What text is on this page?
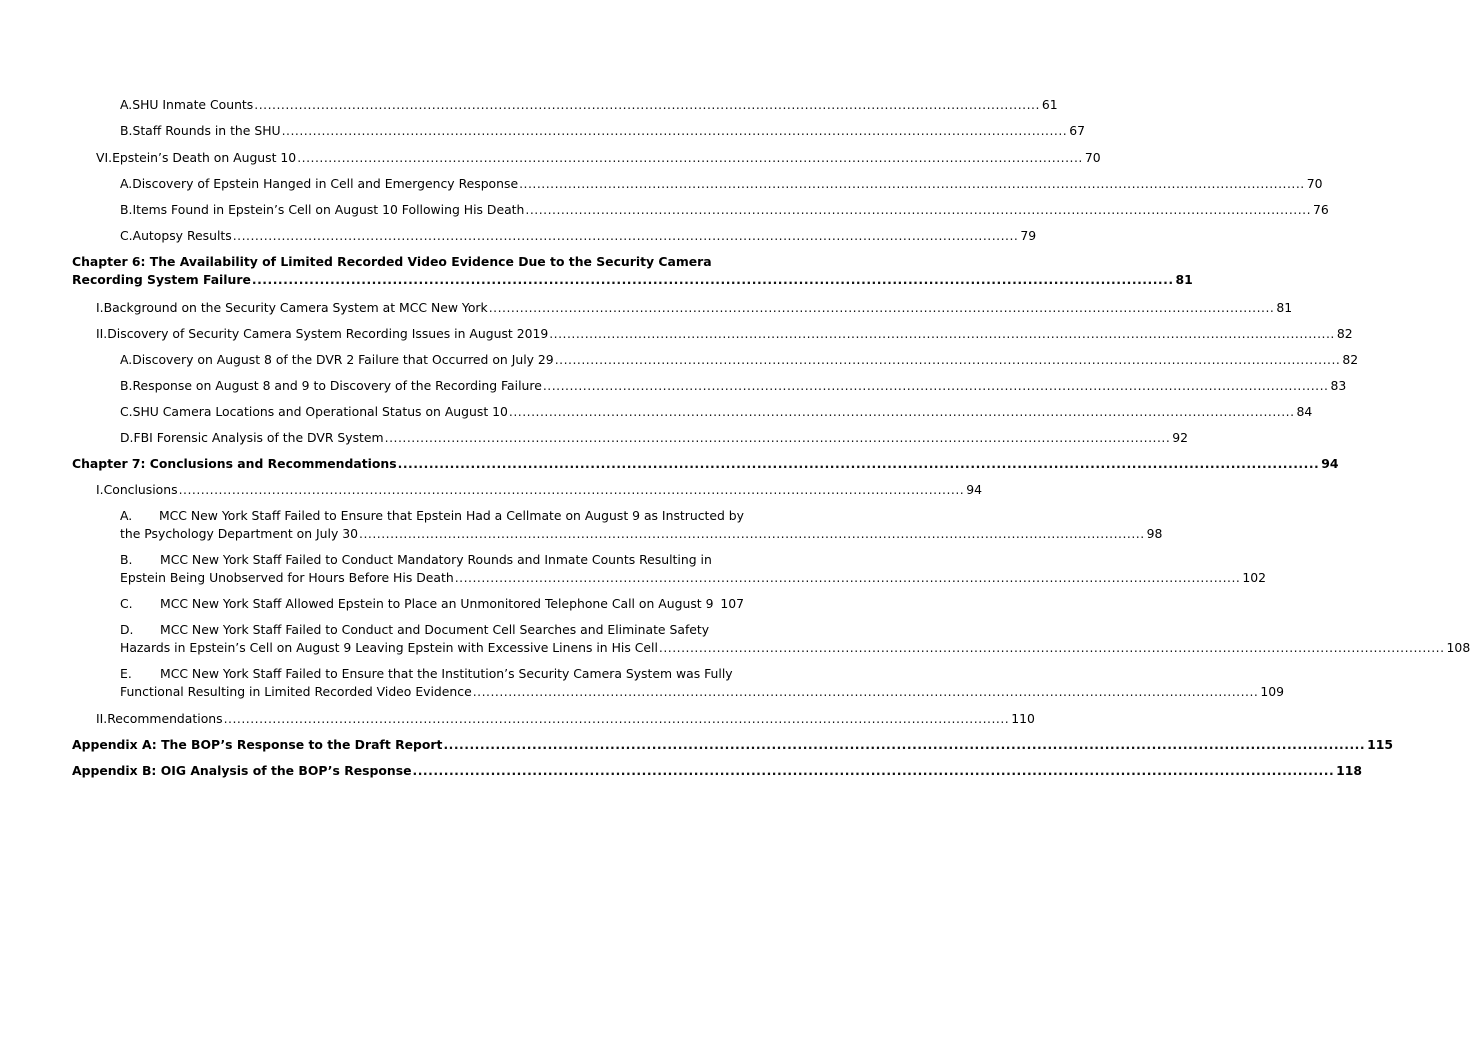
A. SHU Inmate Counts ................................................................................................................................................................................. 61
B. Staff Rounds in the SHU ................................................................................................................................................................................. 67
VI. Epstein’s Death on August 10 ................................................................................................................................................................................. 70
A. Discovery of Epstein Hanged in Cell and Emergency Response ................................................................................................................................................................................. 70
B. Items Found in Epstein’s Cell on August 10 Following His Death ................................................................................................................................................................................. 76
C. Autopsy Results ................................................................................................................................................................................. 79
Chapter 6: The Availability of Limited Recorded Video Evidence Due to the Security Camera
Recording System Failure ................................................................................................................................................................................. 81
I. Background on the Security Camera System at MCC New York ................................................................................................................................................................................. 81
II. Discovery of Security Camera System Recording Issues in August 2019 ................................................................................................................................................................................. 82
A. Discovery on August 8 of the DVR 2 Failure that Occurred on July 29 ................................................................................................................................................................................. 82
B. Response on August 8 and 9 to Discovery of the Recording Failure ................................................................................................................................................................................. 83
C. SHU Camera Locations and Operational Status on August 10 ................................................................................................................................................................................. 84
D. FBI Forensic Analysis of the DVR System ................................................................................................................................................................................. 92
Chapter 7: Conclusions and Recommendations ................................................................................................................................................................................. 94
I. Conclusions ................................................................................................................................................................................. 94
A.	MCC New York Staff Failed to Ensure that Epstein Had a Cellmate on August 9 as Instructed by
the Psychology Department on July 30 ................................................................................................................................................................................. 98
B.	MCC New York Staff Failed to Conduct Mandatory Rounds and Inmate Counts Resulting in
Epstein Being Unobserved for Hours Before His Death ................................................................................................................................................................................. 102
C.	MCC New York Staff Allowed Epstein to Place an Unmonitored Telephone Call on August 9 107
D.	MCC New York Staff Failed to Conduct and Document Cell Searches and Eliminate Safety
Hazards in Epstein’s Cell on August 9 Leaving Epstein with Excessive Linens in His Cell ................................................................................................................................................................................. 108
E.	MCC New York Staff Failed to Ensure that the Institution’s Security Camera System was Fully
Functional Resulting in Limited Recorded Video Evidence ................................................................................................................................................................................. 109
II. Recommendations ................................................................................................................................................................................. 110
Appendix A: The BOP’s Response to the Draft Report ................................................................................................................................................................................. 115
Appendix B: OIG Analysis of the BOP’s Response ................................................................................................................................................................................. 118
